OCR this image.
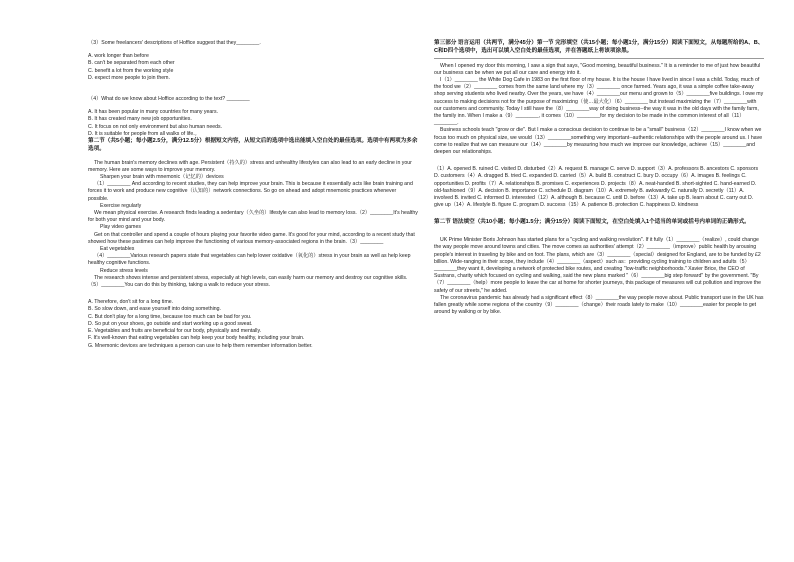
（3）Some freelancers' descriptions of Hoffice suggest that they________.

A. work longer than before

B. can't be separated from each other

C. benefit a lot from the working style

D. expect more people to join them.

（4）What do we know about Hoffice according to the text? ________

A. It has been popular in many countries for many years.

B. It has created many new job opportunities.

C. It focus on not only environment but also human needs.

D. It is suitable for people from all walks of life.。

第二节（共5小题；每小题2.5分，满分12.5分）根据短文内容，从短文后的选项中选出能填入空白处的最佳选项。选项中有两项为多余选项。

The human brain's memory declines with age. Persistent（持久的）stress and unhealthy lifestyles can also lead to an early decline in your memory. Here are some ways to improve your memory.

Sharpen your brain with mnemonic（记忆的）devices

（1）________ And according to recent studies, they can help improve your brain. This is because it essentially acts like brain training and forces it to work and produce new cognitive（认知的）network connections. So go on ahead and adopt mnemonic practices whenever possible.

Exercise regularly

We mean physical exercise. A research finds leading a sedentary（久坐的）lifestyle can also lead to memory loss.（2）________It's healthy for both your mind and your body.

Play video games

Get on that controller and spend a couple of hours playing your favorite video game. It's good for your mind, according to a recent study that showed how these pastimes can help improve the functioning of various memory-associated regions in the brain.（3）________

Eat vegetables

（4）________Various research papers state that vegetables can help lower oxidative（氧化的）stress in your brain as well as help keep healthy cognitive functions.

Reduce stress levels

The research shows intense and persistent stress, especially at high levels, can easily harm our memory and destroy our cognitive skills.（5）________You can do this by thinking, taking a walk to reduce your stress.

A. Therefore, don't sit for a long time.

B. So slow down, and ease yourself into doing something.

C. But don't play for a long time, because too much can be bad for you.

D. So put on your shoes, go outside and start working up a good sweat.

E. Vegetables and fruits are beneficial for our body, physically and mentally.

F. It's well-known that eating vegetables can help keep your body healthy, including your brain.

G. Mnemonic devices are techniques a person can use to help them remember information better.

第三部分 语言运用（共两节，满分45分）第一节 完形填空（共15小题；每小题1分，满分15分）阅读下面短文，从每题所给的A、B、C和D四个选项中，选出可以填入空白处的最佳选项，并在答题纸上将该项涂黑。

When I opened my door this morning, I saw a sign that says, "Good morning, beautiful business." It is a reminder to me of just how beautiful our business can be when we put all our care and energy into it.

I（1）________ the White Dog Cafe in 1983 on the first floor of my house. It is the house I have lived in since I was a child. Today, much of the food we（2）________ comes from the same land where my（3）________ once farmed. Years ago, it was a simple coffee take-away shop serving students who lived nearby. Over the years, we have（4）________our menu and grown to（5）________five buildings. I owe my success to making decisions not for the purpose of maximizing（使…最大化）（6）________ but instead maximizing the（7）________with our customers and community. Today I still have the（8）________way of doing business--the way it was in the old days with the family farm, the family inn. When I make a（9）________, it comes（10）________for my decision to be made in the common interest of all（11）________.

Business schools teach "grow or die". But I make a conscious decision to continue to be a "small" business（12）________I know when we focus too much on physical size, we would（13）________something very important--authentic relationships with the people around us. I have come to realize that we can measure our（14）________by measuring how much we improve our knowledge, achieve（15）________and deepen our relationships.

（1）A. opened B. ruined C. visited D. disturbed（2）A. request B. manage C. serve D. support（3）A. professors B. ancestors C. sponsors D. customers（4）A. dragged B. tried C. expanded D. carried（5）A. build B. construct C. bury D. occupy（6）A. images B. feelings C. opportunities D. profits（7）A. relationships B. promises C. experiences D. projects（8）A. neat-handed B. short-sighted C. hand-earned D. old-fashioned（9）A. decision B. importance C. schedule D. diagram（10）A. extremely B. awkwardly C. naturally D. secretly（11）A. involved B. invited C. informed D. interested（12）A. although B. because C. until D. before（13）A. take up B. learn about C. carry out D. give up（14）A. lifestyle B. figure C. program D. success（15）A. patience B. protection C. happiness D. kindness

第二节 语法填空（共10小题；每小题1.5分；满分15分）阅读下面短文，在空白处填入1个适当的单词或括号内单词的正确形式。

UK Prime Minister Boris Johnson has started plans for a "cycling and walking revolution". If it fully（1）________（realize）, could change the way people move around towns and cities. The move comes as authorities' attempt（2）________（improve）public health by arousing people's interest in traveling by bike and on foot. The plans, which are（3）________（special）designed for England, are to be funded by £2 billion. Wide-ranging in their scope, they include（4）________（aspect）such as：providing cycling training to children and adults（5）________they want it, developing a network of protected bike routes, and creating "low-traffic neighborhoods." Xavier Brice, the CEO of Sustrans, charity which focused on cycling and walking, said the new plans marked "（6）________big step forward" by the government. "By（7）________（help）more people to leave the car at home for shorter journeys, this package of measures will cut pollution and improve the safety of our streets," he added.

The coronavirus pandemic has already had a significant effect（8）________the way people move about. Public transport use in the UK has fallen greatly while some regions of the country（9）________（change）their roads lately to make（10）________easier for people to get around by walking or by bike.
